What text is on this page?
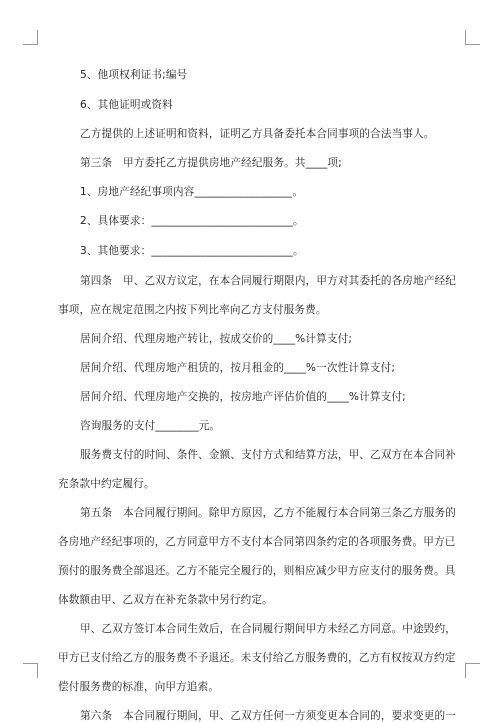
5、他项权利证书;编号
6、其他证明或资料
乙方提供的上述证明和资料，证明乙方具备委托本合同事项的合法当事人。
第三条　甲方委托乙方提供房地产经纪服务。共____项;
1、房地产经纪事项内容__________________。
2、具体要求：__________________________。
3、其他要求：__________________________。
第四条　甲、乙双方议定，在本合同履行期限内，甲方对其委托的各房地产经纪
事项，应在规定范围之内按下列比率向乙方支付服务费。
居间介绍、代理房地产转让，按成交价的____%计算支付;
居间介绍、代理房地产租赁的，按月租金的____%一次性计算支付;
居间介绍、代理房地产交换的，按房地产评估价值的____%计算支付;
咨询服务的支付________元。
服务费支付的时间、条件、金额、支付方式和结算方法，甲、乙双方在本合同补
充条款中约定履行。
第五条　本合同履行期间。除甲方原因，乙方不能履行本合同第三条乙方服务的
各房地产经纪事项的，乙方同意甲方不支付本合同第四条约定的各项服务费。甲方已
预付的服务费全部退还。乙方不能完全履行的，则相应减少甲方应支付的服务费。具
体数额由甲、乙双方在补充条款中另行约定。
甲、乙双方签订本合同生效后，在合同履行期间甲方未经乙方同意。中途毁约，
甲方已支付给乙方的服务费不予退还。未支付给乙方服务费的，乙方有权按双方约定
偿付服务费的标准，向甲方追索。
第六条　本合同履行期间，甲、乙双方任何一方须变更本合同的，要求变更的一
